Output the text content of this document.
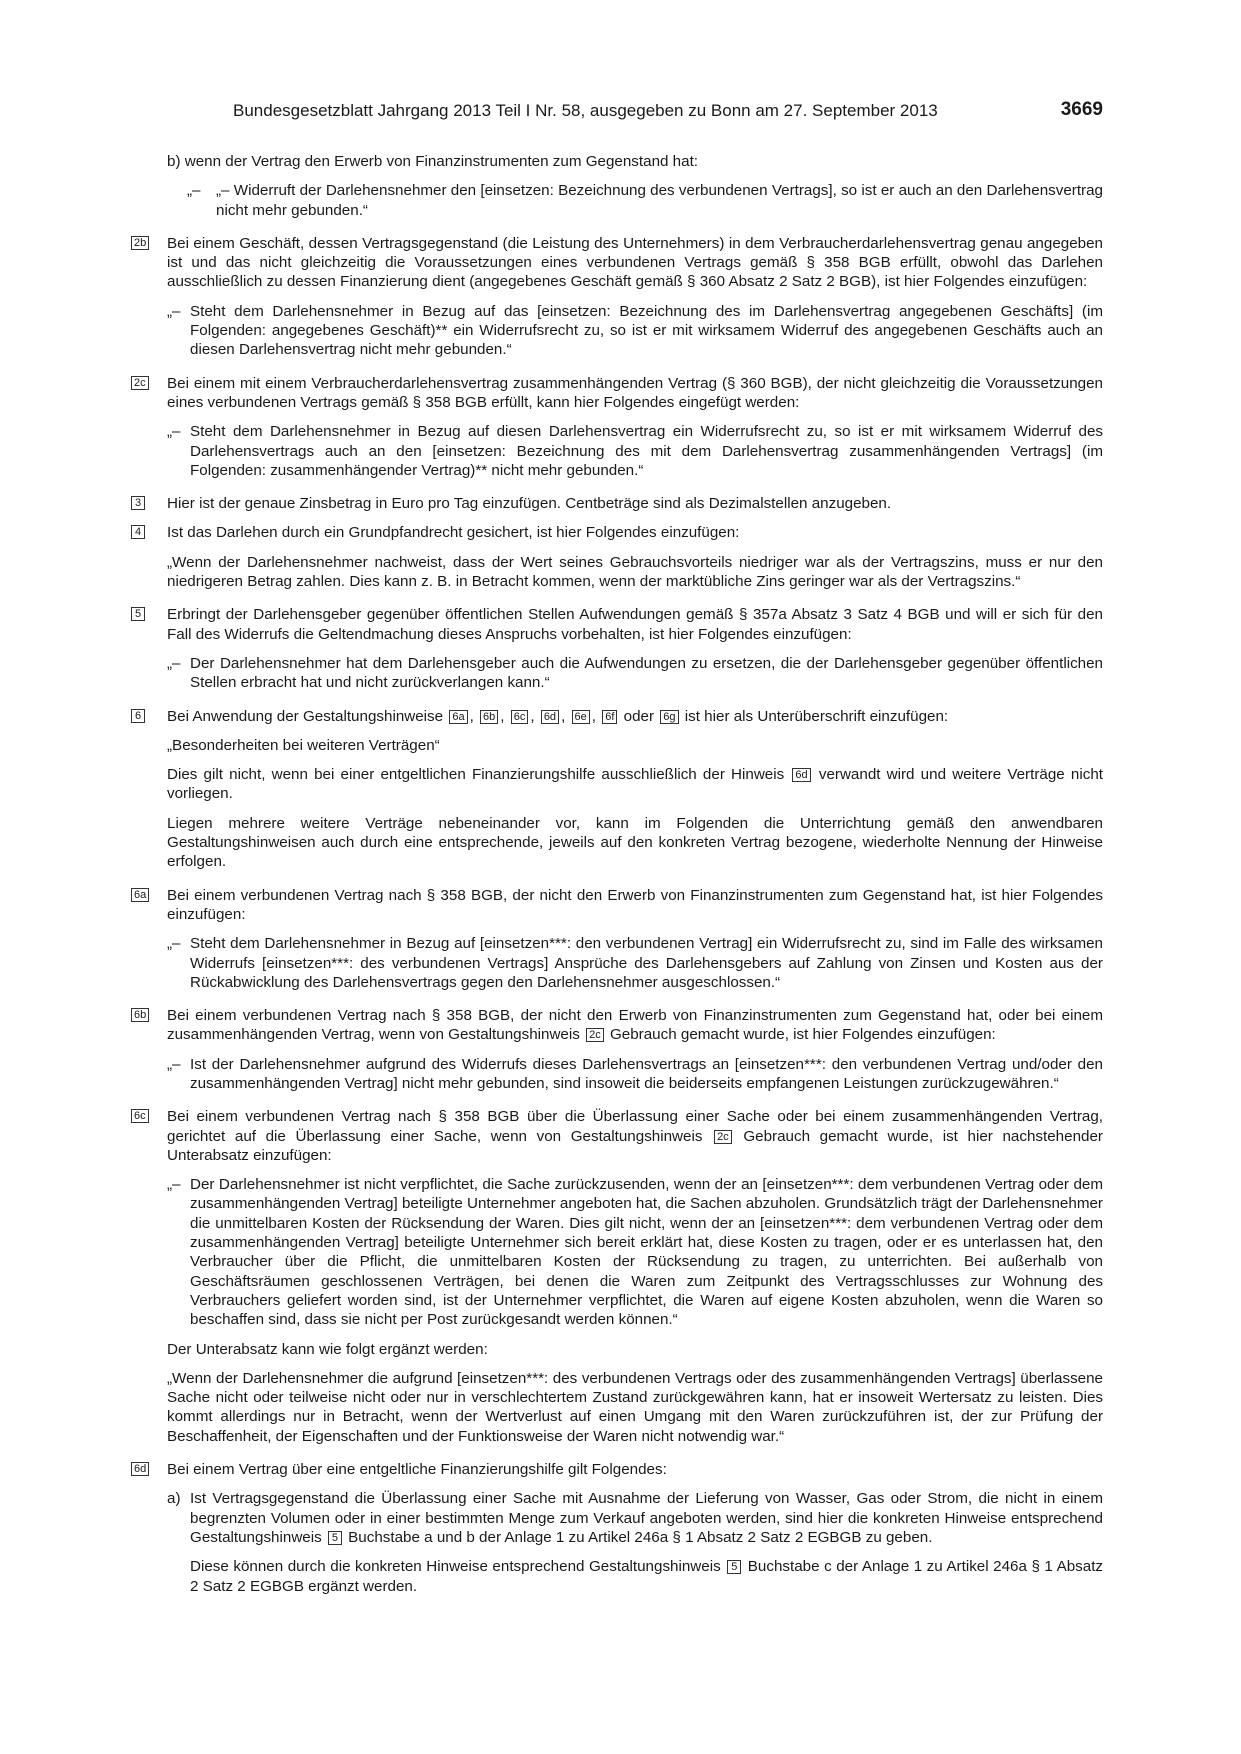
Bundesgesetzblatt Jahrgang 2013 Teil I Nr. 58, ausgegeben zu Bonn am 27. September 2013	3669

b) wenn der Vertrag den Erwerb von Finanzinstrumenten zum Gegenstand hat:

„– „– Widerruft der Darlehensnehmer den [einsetzen: Bezeichnung des verbundenen Vertrags], so ist er auch an den Darlehensvertrag nicht mehr gebunden.“
2b Bei einem Geschäft, dessen Vertragsgegenstand (die Leistung des Unternehmers) in dem Verbraucherdarlehensvertrag genau angegeben ist und das nicht gleichzeitig die Voraussetzungen eines verbundenen Vertrags gemäß § 358 BGB erfüllt, obwohl das Darlehen ausschließlich zu dessen Finanzierung dient (angegebenes Geschäft gemäß § 360 Absatz 2 Satz 2 BGB), ist hier Folgendes einzufügen:
„– Steht dem Darlehensnehmer in Bezug auf das [einsetzen: Bezeichnung des im Darlehensvertrag angegebenen Geschäfts] (im Folgenden: angegebenes Geschäft)** ein Widerrufsrecht zu, so ist er mit wirksamem Widerruf des angegebenen Geschäfts auch an diesen Darlehensvertrag nicht mehr gebunden.“
2c Bei einem mit einem Verbraucherdarlehensvertrag zusammenhängenden Vertrag (§ 360 BGB), der nicht gleichzeitig die Voraussetzungen eines verbundenen Vertrags gemäß § 358 BGB erfüllt, kann hier Folgendes eingefügt werden:
„– Steht dem Darlehensnehmer in Bezug auf diesen Darlehensvertrag ein Widerrufsrecht zu, so ist er mit wirksamem Widerruf des Darlehensvertrags auch an den [einsetzen: Bezeichnung des mit dem Darlehensvertrag zusammenhängenden Vertrags] (im Folgenden: zusammenhängender Vertrag)** nicht mehr gebunden.“
3 Hier ist der genaue Zinsbetrag in Euro pro Tag einzufügen. Centbeträge sind als Dezimalstellen anzugeben.
4 Ist das Darlehen durch ein Grundpfandrecht gesichert, ist hier Folgendes einzufügen:

„Wenn der Darlehensnehmer nachweist, dass der Wert seines Gebrauchsvorteils niedriger war als der Vertragszins, muss er nur den niedrigeren Betrag zahlen. Dies kann z. B. in Betracht kommen, wenn der marktübliche Zins geringer war als der Vertragszins.“

5 Erbringt der Darlehensgeber gegenüber öffentlichen Stellen Aufwendungen gemäß § 357a Absatz 3 Satz 4 BGB und will er sich für den Fall des Widerrufs die Geltendmachung dieses Anspruchs vorbehalten, ist hier Folgendes einzufügen:
„– Der Darlehensnehmer hat dem Darlehensgeber auch die Aufwendungen zu ersetzen, die der Darlehensgeber gegenüber öffentlichen Stellen erbracht hat und nicht zurückverlangen kann.“
6 Bei Anwendung der Gestaltungshinweise 6a , 6b , 6c , 6d , 6e , 6f oder 6g ist hier als Unterüberschrift einzufügen:

„Besonderheiten bei weiteren Verträgen“

Dies gilt nicht, wenn bei einer entgeltlichen Finanzierungshilfe ausschließlich der Hinweis 6d verwandt wird und weitere Verträge nicht vorliegen.

Liegen mehrere weitere Verträge nebeneinander vor, kann im Folgenden die Unterrichtung gemäß den anwendbaren Gestaltungshinweisen auch durch eine entsprechende, jeweils auf den konkreten Vertrag bezogene, wiederholte Nennung der Hinweise erfolgen.

6a Bei einem verbundenen Vertrag nach § 358 BGB, der nicht den Erwerb von Finanzinstrumenten zum Gegenstand hat, ist hier Folgendes einzufügen:
„– Steht dem Darlehensnehmer in Bezug auf [einsetzen***: den verbundenen Vertrag] ein Widerrufsrecht zu, sind im Falle des wirksamen Widerrufs [einsetzen***: des verbundenen Vertrags] Ansprüche des Darlehensgebers auf Zahlung von Zinsen und Kosten aus der Rückabwicklung des Darlehensvertrags gegen den Darlehensnehmer ausgeschlossen.“
6b Bei einem verbundenen Vertrag nach § 358 BGB, der nicht den Erwerb von Finanzinstrumenten zum Gegenstand hat, oder bei einem zusammenhängenden Vertrag, wenn von Gestaltungshinweis 2c Gebrauch gemacht wurde, ist hier Folgendes einzufügen:
„– Ist der Darlehensnehmer aufgrund des Widerrufs dieses Darlehensvertrags an [einsetzen***: den verbundenen Vertrag und/oder den zusammenhängenden Vertrag] nicht mehr gebunden, sind insoweit die beiderseits empfangenen Leistungen zurückzugewähren.“
6c Bei einem verbundenen Vertrag nach § 358 BGB über die Überlassung einer Sache oder bei einem zusammenhängenden Vertrag, gerichtet auf die Überlassung einer Sache, wenn von Gestaltungshinweis 2c Gebrauch gemacht wurde, ist hier nachstehender Unterabsatz einzufügen:
„– Der Darlehensnehmer ist nicht verpflichtet, die Sache zurückzusenden, wenn der an [einsetzen***: dem verbundenen Vertrag oder dem zusammenhängenden Vertrag] beteiligte Unternehmer angeboten hat, die Sachen abzuholen. Grundsätzlich trägt der Darlehensnehmer die unmittelbaren Kosten der Rücksendung der Waren. Dies gilt nicht, wenn der an [einsetzen***: dem verbundenen Vertrag oder dem zusammenhängenden Vertrag] beteiligte Unternehmer sich bereit erklärt hat, diese Kosten zu tragen, oder er es unterlassen hat, den Verbraucher über die Pflicht, die unmittelbaren Kosten der Rücksendung zu tragen, zu unterrichten. Bei außerhalb von Geschäftsräumen geschlossenen Verträgen, bei denen die Waren zum Zeitpunkt des Vertragsschlusses zur Wohnung des Verbrauchers geliefert worden sind, ist der Unternehmer verpflichtet, die Waren auf eigene Kosten abzuholen, wenn die Waren so beschaffen sind, dass sie nicht per Post zurückgesandt werden können.“

Der Unterabsatz kann wie folgt ergänzt werden:

„Wenn der Darlehensnehmer die aufgrund [einsetzen***: des verbundenen Vertrags oder des zusammenhängenden Vertrags] überlassene Sache nicht oder teilweise nicht oder nur in verschlechtertem Zustand zurückgewähren kann, hat er insoweit Wertersatz zu leisten. Dies kommt allerdings nur in Betracht, wenn der Wertverlust auf einen Umgang mit den Waren zurückzuführen ist, der zur Prüfung der Beschaffenheit, der Eigenschaften und der Funktionsweise der Waren nicht notwendig war.“

6d Bei einem Vertrag über eine entgeltliche Finanzierungshilfe gilt Folgendes:
a) Ist Vertragsgegenstand die Überlassung einer Sache mit Ausnahme der Lieferung von Wasser, Gas oder Strom, die nicht in einem begrenzten Volumen oder in einer bestimmten Menge zum Verkauf angeboten werden, sind hier die konkreten Hinweise entsprechend Gestaltungshinweis 5 Buchstabe a und b der Anlage 1 zu Artikel 246a § 1 Absatz 2 Satz 2 EGBGB zu geben.

Diese können durch die konkreten Hinweise entsprechend Gestaltungshinweis 5 Buchstabe c der Anlage 1 zu Artikel 246a § 1 Absatz 2 Satz 2 EGBGB ergänzt werden.
